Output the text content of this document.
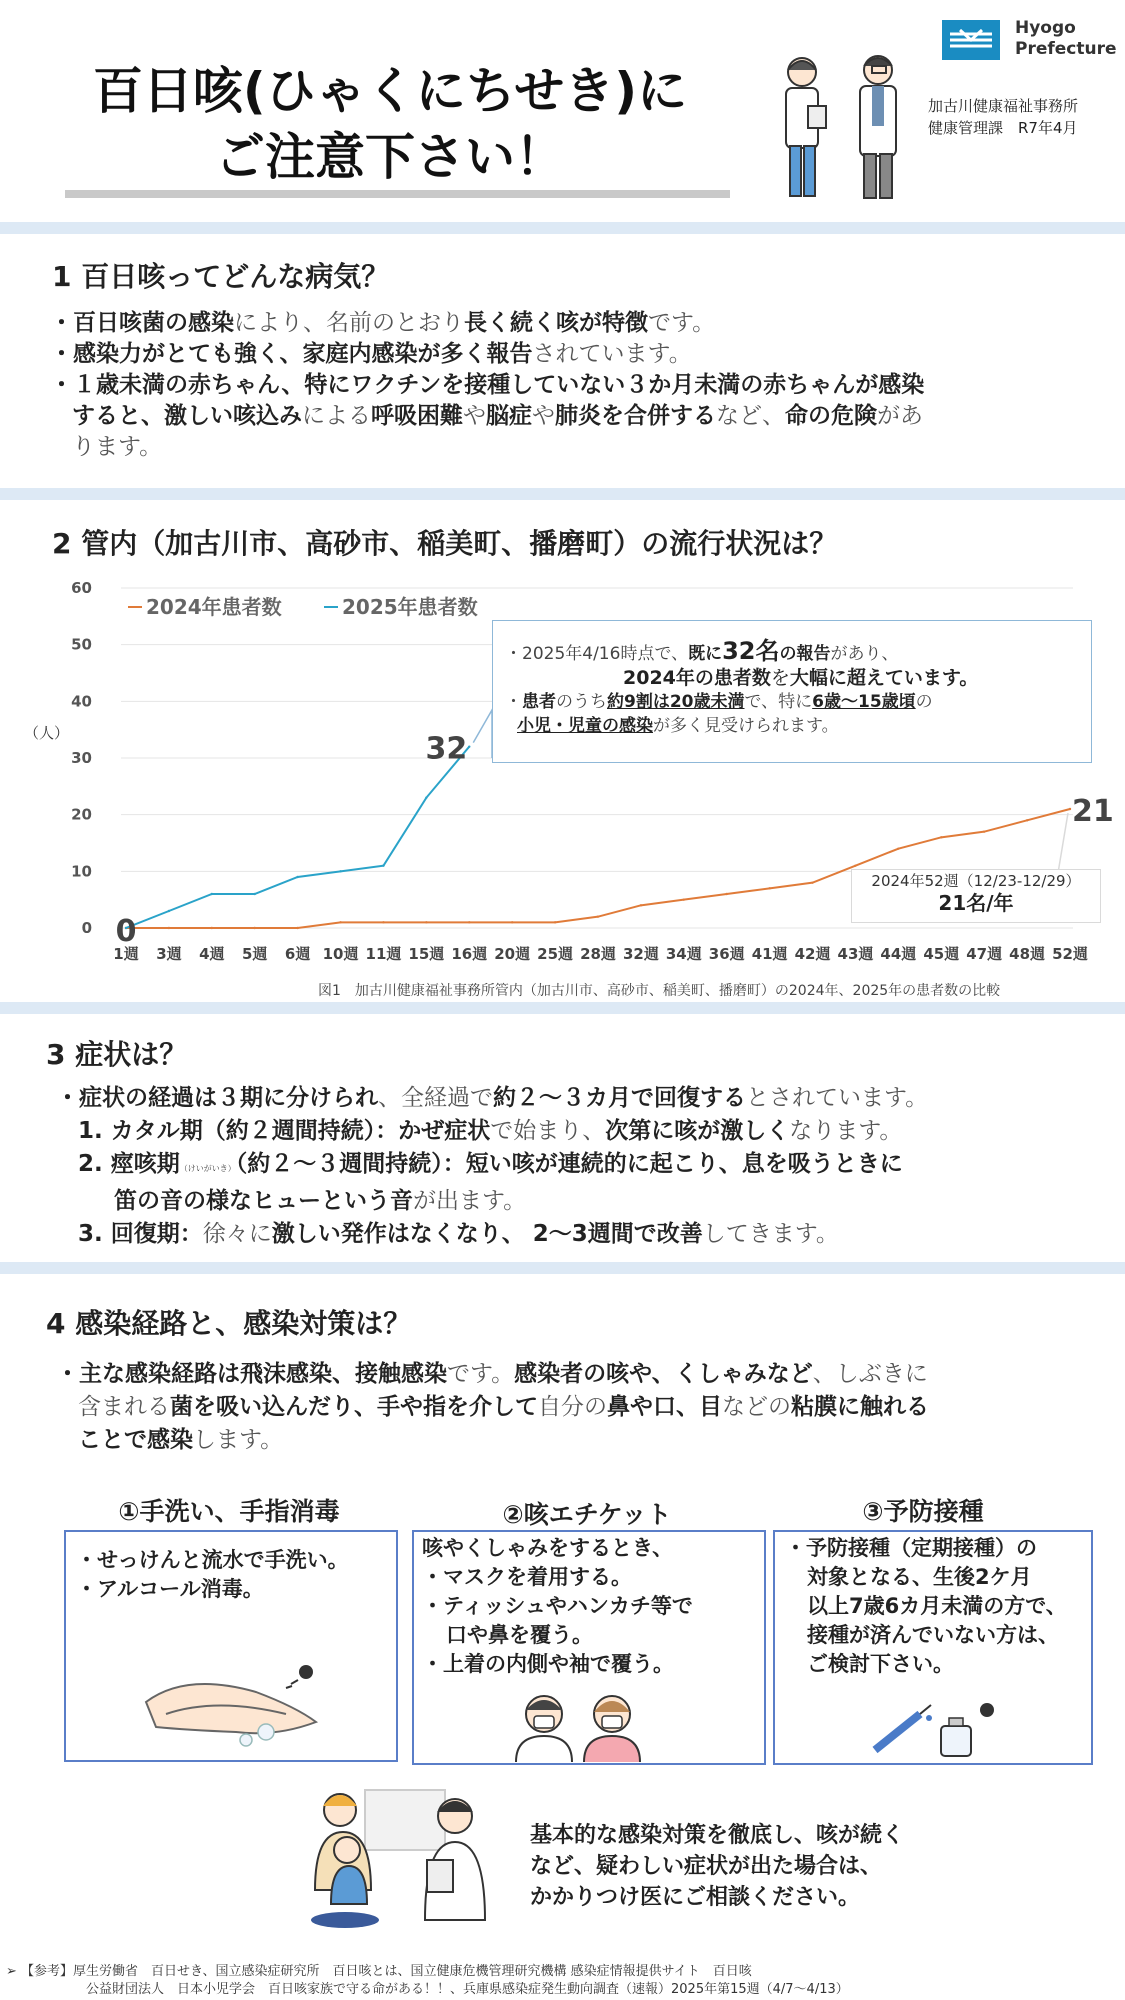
百日咳(ひゃくにちせき)に
ご注意下さい！
Hyogo
Prefecture
加古川健康福祉事務所
健康管理課　R7年4月
1 百日咳ってどんな病気？
・百日咳菌の感染により、名前のとおり長く続く咳が特徴です。
・感染力がとても強く、家庭内感染が多く報告されています。
・１歳未満の赤ちゃん、特にワクチンを接種していない３か月未満の赤ちゃんが感染
すると、激しい咳込みによる呼吸困難や脳症や肺炎を合併するなど、命の危険があ
ります。
2 管内（加古川市、高砂市、稲美町、播磨町）の流行状況は？
0
10
20
30
40
50
60
（人）
1週 3週 4週 5週 6週 10週 11週 15週 16週 20週 25週 28週 32週 34週 36週 41週 42週 43週 44週 45週 47週 48週 52週
2024年患者数	2025年患者数
0
32
21
・2025年4/16時点で、既に32名の報告があり、
2024年の患者数を大幅に超えています。
・患者のうち約9割は20歳未満で、特に6歳〜15歳頃の
小児・児童の感染が多く見受けられます。
2024年52週（12/23-12/29）
21名/年
図1　加古川健康福祉事務所管内（加古川市、高砂市、稲美町、播磨町）の2024年、2025年の患者数の比較
3 症状は？
・症状の経過は３期に分けられ、全経過で約２〜３カ月で回復するとされています。
1. カタル期（約２週間持続）：かぜ症状で始まり、次第に咳が激しくなります。
2. 痙咳期（けいがいき）（約２〜３週間持続）：短い咳が連続的に起こり、息を吸うときに
笛の音の様なヒューという音が出ます。
3. 回復期：徐々に激しい発作はなくなり、 2〜3週間で改善してきます。
4 感染経路と、感染対策は？
・主な感染経路は飛沫感染、接触感染です。感染者の咳や、くしゃみなど、しぶきに
含まれる菌を吸い込んだり、手や指を介して自分の鼻や口、目などの粘膜に触れる
ことで感染します。
①手洗い、手指消毒
・せっけんと流水で手洗い。
・アルコール消毒。
②咳エチケット
咳やくしゃみをするとき、
・マスクを着用する。
・ティッシュやハンカチ等で
口や鼻を覆う。
・上着の内側や袖で覆う。
③予防接種
・予防接種（定期接種）の
対象となる、生後2ケ月
以上7歳6カ月未満の方で、
接種が済んでいない方は、
ご検討下さい。
基本的な感染対策を徹底し、咳が続く
など、疑わしい症状が出た場合は、
かかりつけ医にご相談ください。
➢ 【参考】厚生労働省　百日せき、国立感染症研究所　百日咳とは、国立健康危機管理研究機構 感染症情報提供サイト　百日咳
公益財団法人　日本小児学会　百日咳家族で守る命がある！！、兵庫県感染症発生動向調査（速報）2025年第15週（4/7〜4/13）
